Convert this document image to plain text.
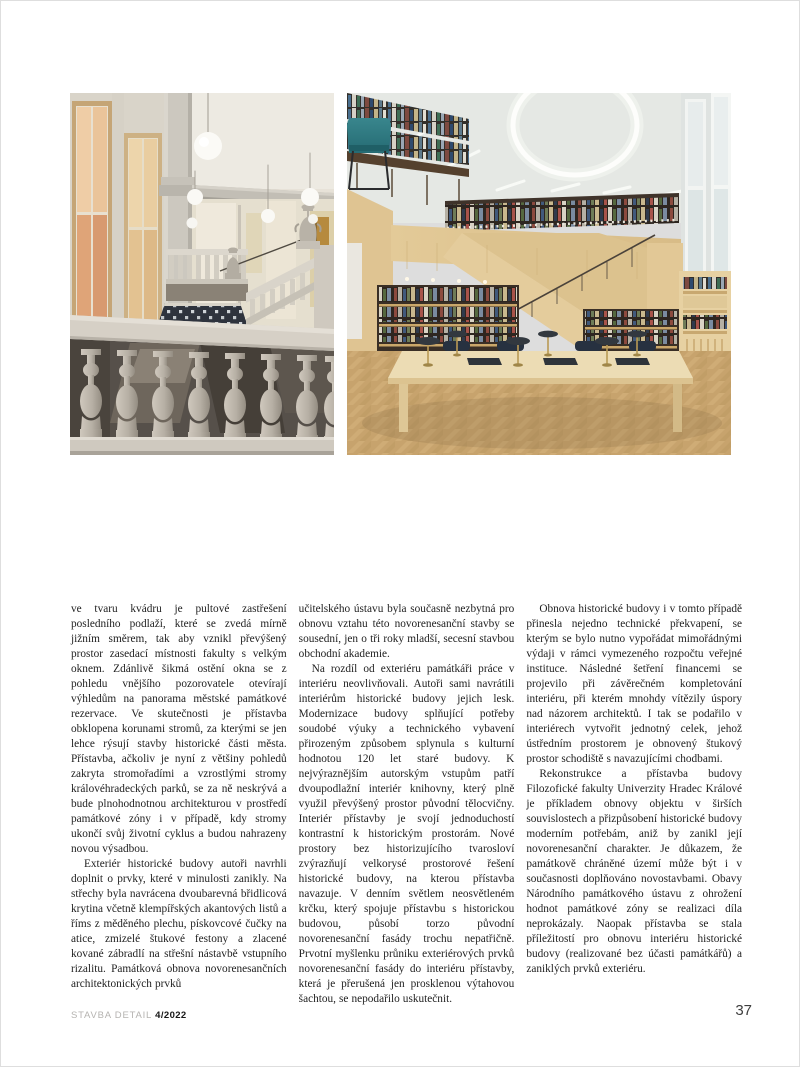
ve tvaru kvádru je pultové zastřešení posledního podlaží, které se zvedá mírně jižním směrem, tak aby vznikl převýšený prostor zasedací místnosti fakulty s velkým oknem. Zdánlivě šikmá ostění okna se z pohledu vnějšího pozorovatele otevírají výhledům na panorama městské památkové rezervace. Ve skutečnosti je přístavba obklopena korunami stromů, za kterými se jen lehce rýsují stavby historické části města. Přístavba, ačkoliv je nyní z většiny pohledů zakryta stromořadími a vzrostlými stromy královéhradeckých parků, se za ně neskrývá a bude plnohodnotnou architekturou v prostředí památkové zóny i v případě, kdy stromy ukončí svůj životní cyklus a budou nahrazeny novou výsadbou.

Exteriér historické budovy autoři navrhli doplnit o prvky, které v minulosti zanikly. Na střechy byla navrácena dvoubarevná břidlicová krytina včetně klempířských akantových listů a říms z měděného plechu, pískovcové čučky na atice, zmizelé štukové festony a zlacené kované zábradlí na střešní nástavbě vstupního rizalitu. Památková obnova novorenesančních architektonických prvků

učitelského ústavu byla současně nezbytná pro obnovu vztahu této novorenesanční stavby se sousední, jen o tři roky mladší, secesní stavbou obchodní akademie.

Na rozdíl od exteriéru památkáři práce v interiéru neovlivňovali. Autoři sami navrátili interiérům historické budovy jejich lesk. Modernizace budovy splňující potřeby soudobé výuky a technického vybavení přirozeným způsobem splynula s kulturní hodnotou 120 let staré budovy. K nejvýraznějším autorským vstupům patří dvoupodlažní interiér knihovny, který plně využil převýšený prostor původní tělocvičny. Interiér přístavby je svojí jednoduchostí kontrastní k historickým prostorám. Nové prostory bez historizujícího tvarosloví zvýrazňují velkorysé prostorové řešení historické budovy, na kterou přístavba navazuje. V denním světlem neosvětleném krčku, který spojuje přístavbu s historickou budovou, působí torzo původní novorenesanční fasády trochu nepatřičně. Prvotní myšlenku průniku exteriérových prvků novorenesanční fasády do interiéru přístavby, která je přerušená jen prosklenou výtahovou šachtou, se nepodařilo uskutečnit.

Obnova historické budovy i v tomto případě přinesla nejedno technické překvapení, se kterým se bylo nutno vypořádat mimořádnými výdaji v rámci vymezeného rozpočtu veřejné instituce. Následné šetření financemi se projevilo při závěrečném kompletování interiéru, při kterém mnohdy vítězily úspory nad názorem architektů. I tak se podařilo v interiérech vytvořit jednotný celek, jehož ústředním prostorem je obnovený štukový prostor schodiště s navazujícími chodbami.

Rekonstrukce a přístavba budovy Filozofické fakulty Univerzity Hradec Králové je příkladem obnovy objektu v širších souvislostech a přizpůsobení historické budovy moderním potřebám, aniž by zanikl její novorenesanční charakter. Je důkazem, že památkově chráněné území může být i v současnosti doplňováno novostavbami. Obavy Národního památkového ústavu z ohrožení hodnot památkové zóny se realizaci díla neprokázaly. Naopak přístavba se stala příležitostí pro obnovu interiéru historické budovy (realizované bez účasti památkářů) a zaniklých prvků exteriéru.

STAVBA DETAIL 4/2022	37
